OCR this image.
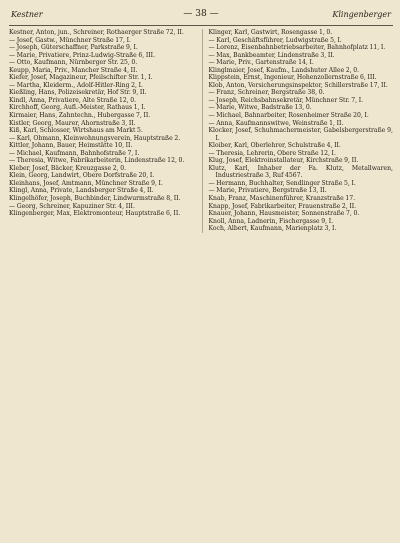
Kestner	— 38 —	Klingenberger
Kestner, Anton, jun., Schreiner, Rothaerger Straße 72, II.
— Josef, Gastw., Münchner Straße 17, I.
— Joseph, Güterschaffner, Parkstraße 9, I.
— Marie, Privatiere, Prinz-Ludwig-Straße 6, III.
— Otto, Kaufmann, Nürnberger Str. 25, 0.
Keupp, Maria, Priv., Mancher Straße 4, II.
Kiefer, Josef, Magazineur, Pfeilschifter Str. 1, I.
— Martha, Kleiderm., Adolf-Hitler-Ring 2, I.
Kießling, Hans, Polizeisekretär, Hof Str. 9, II.
Kindl, Anna, Privatiere, Alte Straße 12, 0.
Kirchhoff, Georg, Aufl.-Meister, Rathaus 1, I.
Kirmaier, Hans, Zahntechn., Hubergasse 7, II.
Kistler, Georg, Maurer, Ahornstraße 3, II.
Kiß, Karl, Schlosser, Wirtshaus am Markt 5.
— Karl, Obmann, Kleinwohnungsverein, Hauptstraße 2.
Kittler, Johann, Bauer, Heimstätte 10, II.
— Michael, Kaufmann, Bahnhofstraße 7, I.
— Theresia, Witwe, Fabrikarbeiterin, Lindenstraße 12, 0.
Kleber, Josef, Bäcker, Kreuzgasse 2, 0.
Klein, Georg, Landwirt, Obere Dorfstraße 20, I.
Kleinhans, Josef, Amtmann, Münchner Straße 9, I.
Klingl, Anna, Private, Landsberger Straße 4, II.
Klingelhöfer, Joseph, Buchbinder, Lindwurmstraße 8, II.
— Georg, Schreiner, Kapuziner Str. 4, III.
Klingenberger, Max, Elektromonteur, Hauptstraße 6, II.
Klinger, Karl, Gastwirt, Rosengasse 1, 0.
— Karl, Geschäftsführer, Ludwigstraße 5, I.
— Lorenz, Eisenbahnbetriebsarbeiter, Bahnhofplatz 11, I.
— Max, Bankbeamter, Lindenstraße 3, II.
— Marie, Priv., Gartenstraße 14, I.
Klinglmaier, Josef, Kaufm., Landshuter Allee 2, 0.
Klippstein, Ernst, Ingenieur, Hohenzollernstraße 6, III.
Klob, Anton, Versicherungsinspektor, Schillerstraße 17, II.
— Franz, Schreiner, Bergstraße 38, 0.
— Joseph, Reichsbahnsekretär, Münchner Str. 7, I.
— Marie, Witwe, Badstraße 13, 0.
— Michael, Bahnarbeiter, Rosenheimer Straße 20, I.
— Anna, Kaufmannswitwe, Weinstraße 1, II.
Klocker, Josef, Schuhmachermeister, Gabelsbergerstraße 9, I.
Kloiber, Karl, Oberlehrer, Schulstraße 4, II.
— Theresia, Lehrerin, Obere Straße 12, I.
Klug, Josef, Elektroinstallateur, Kirchstraße 9, II.
Klutz, Karl, Inhaber der Fa. Klutz, Metallwaren, Industriestraße 3, Ruf 4567.
— Hermann, Buchhalter, Sendlinger Straße 5, I.
— Marie, Privatiere, Bergstraße 13, II.
Knab, Franz, Maschinenführer, Kranzstraße 17.
Knapp, Josef, Fabrikarbeiter, Frauenstraße 2, II.
Knauer, Johann, Hausmeister, Sonnenstraße 7, 0.
Knoll, Anna, Ladnerin, Fischergasse 9, I.
Koch, Albert, Kaufmann, Marienplatz 3, I.
